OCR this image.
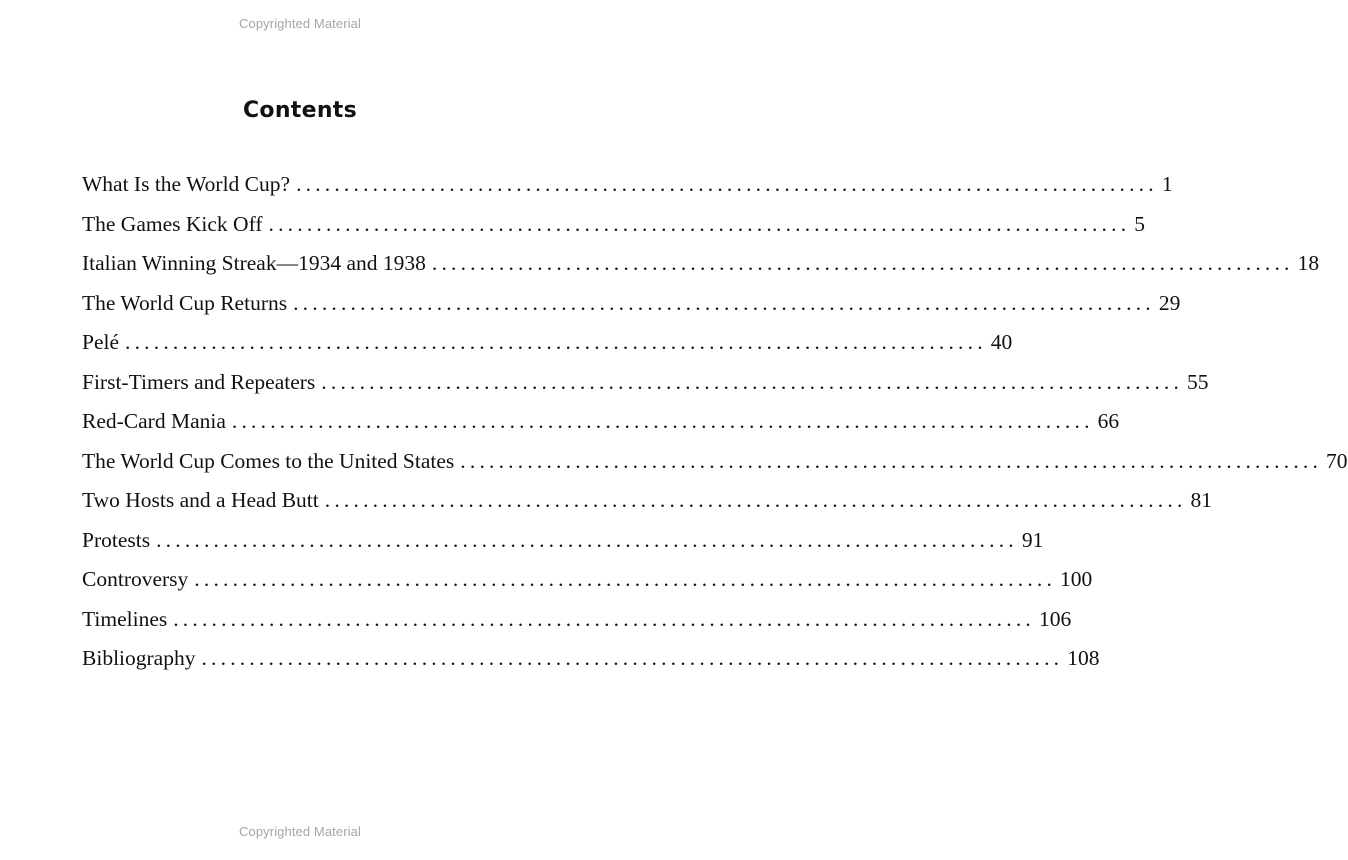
Copyrighted Material
Contents
What Is the World Cup? .......................................................................................... 1
The Games Kick Off .......................................................................................... 5
Italian Winning Streak—1934 and 1938 .......................................................................................... 18
The World Cup Returns .......................................................................................... 29
Pelé .......................................................................................... 40
First-Timers and Repeaters .......................................................................................... 55
Red-Card Mania .......................................................................................... 66
The World Cup Comes to the United States .......................................................................................... 70
Two Hosts and a Head Butt .......................................................................................... 81
Protests .......................................................................................... 91
Controversy .......................................................................................... 100
Timelines .......................................................................................... 106
Bibliography .......................................................................................... 108
Copyrighted Material
